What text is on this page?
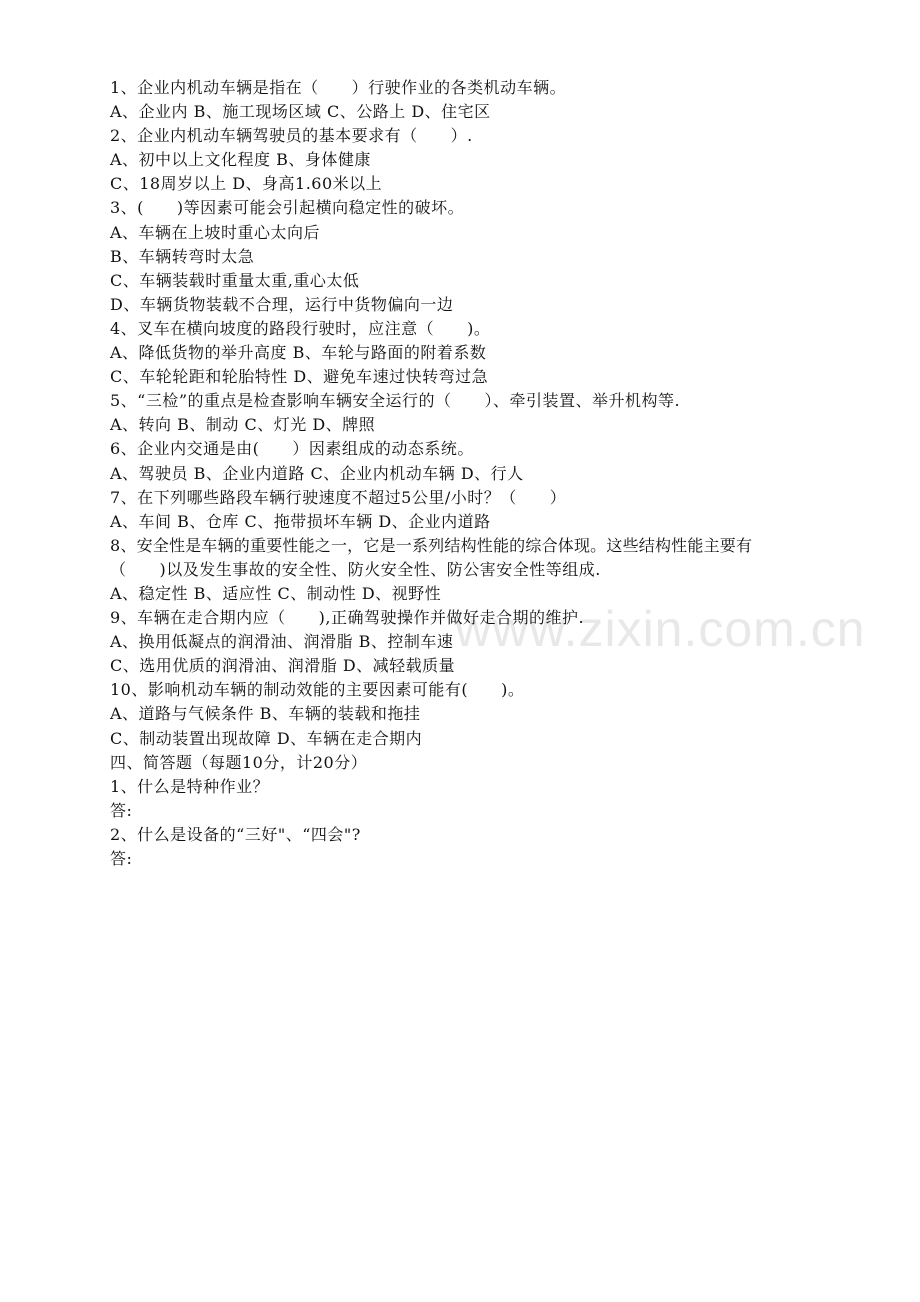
www.zixin.com.cn
1、企业内机动车辆是指在（　　）行驶作业的各类机动车辆。
A、企业内 B、施工现场区域 C、公路上 D、住宅区
2、企业内机动车辆驾驶员的基本要求有（　　）.
A、初中以上文化程度 B、身体健康
C、18周岁以上 D、身高1.60米以上
3、(　　)等因素可能会引起横向稳定性的破坏。
A、车辆在上坡时重心太向后
B、车辆转弯时太急
C、车辆装载时重量太重,重心太低
D、车辆货物装载不合理，运行中货物偏向一边
4、叉车在横向坡度的路段行驶时，应注意（　　)。
A、降低货物的举升高度 B、车轮与路面的附着系数
C、车轮轮距和轮胎特性 D、避免车速过快转弯过急
5、“三检”的重点是检查影响车辆安全运行的（　　）、牵引装置、举升机构等.
A、转向 B、制动 C、灯光 D、牌照
6、企业内交通是由(　　）因素组成的动态系统。
A、驾驶员 B、企业内道路 C、企业内机动车辆 D、行人
7、在下列哪些路段车辆行驶速度不超过5公里/小时？（　　）
A、车间 B、仓库 C、拖带损坏车辆 D、企业内道路
8、安全性是车辆的重要性能之一，它是一系列结构性能的综合体现。这些结构性能主要有
（　　)以及发生事故的安全性、防火安全性、防公害安全性等组成.
A、稳定性 B、适应性 C、制动性 D、视野性
9、车辆在走合期内应（　　),正确驾驶操作并做好走合期的维护.
A、换用低凝点的润滑油、润滑脂 B、控制车速
C、选用优质的润滑油、润滑脂 D、减轻载质量
10、影响机动车辆的制动效能的主要因素可能有(　　)。
A、道路与气候条件 B、车辆的装载和拖挂
C、制动装置出现故障 D、车辆在走合期内
四、简答题（每题10分，计20分）
1、什么是特种作业？
答:
2、什么是设备的“三好"、“四会"?
答:
